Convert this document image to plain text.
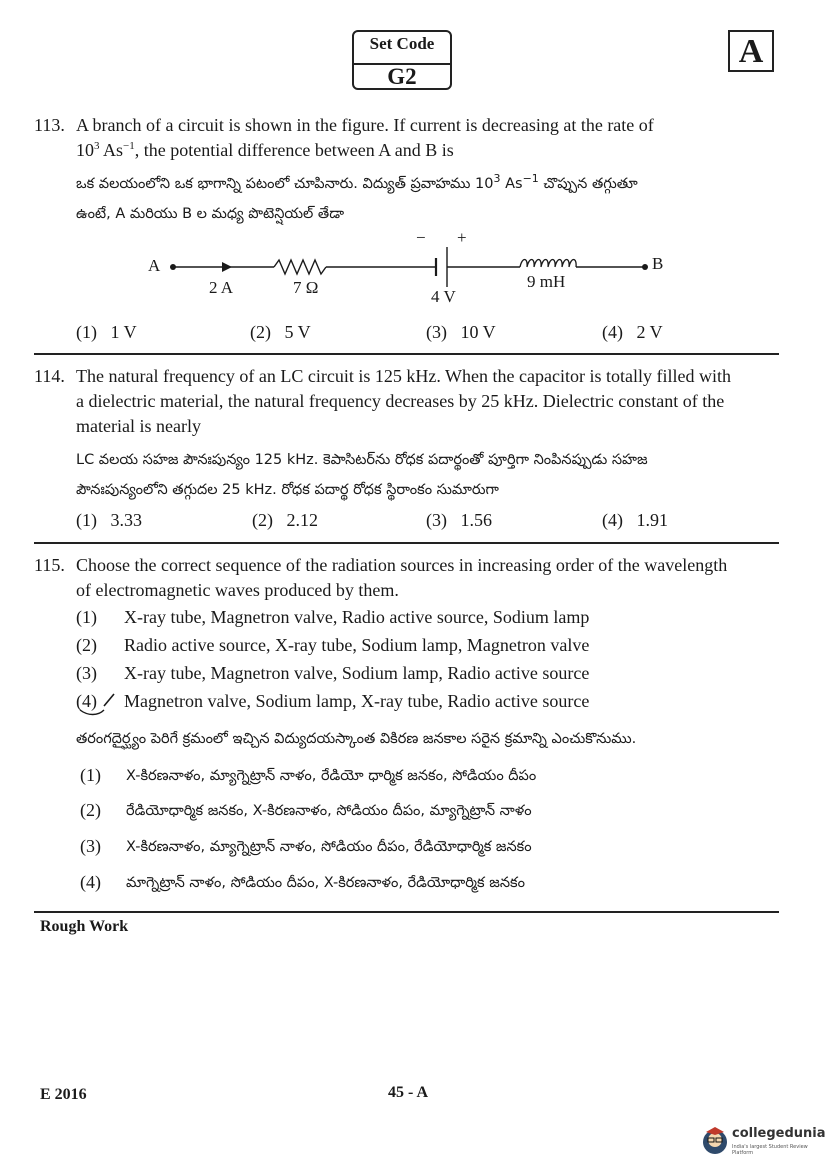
Set Code
G2
A
113. A branch of a circuit is shown in the figure. If current is decreasing at the rate of
$10^3$ $As^{-1}$, the potential difference between A and B is
ఒక వలయంలోని ఒక భాగాన్ని పటంలో చూపినారు. విద్యుత్ ప్రవాహము $10^3$ $As^{-1}$ చొప్పున తగ్గుతూ
ఉంటే, A మరియు B ల మధ్య పొటెన్షియల్ తేడా
A	B
2 A	7 Ω	4 V
9 mH
− +
(1)   1 V	(2)   5 V	(3)   10 V	(4)   2 V
114. The natural frequency of an LC circuit is 125 kHz. When the capacitor is totally filled with
a dielectric material, the natural frequency decreases by 25 kHz. Dielectric constant of the
material is nearly
LC వలయ సహజ పౌనఃపున్యం 125 kHz. కెపాసిటర్‌ను రోధక పదార్థంతో పూర్తిగా నింపినప్పుడు సహజ
పౌనఃపున్యంలోని తగ్గుదల 25 kHz. రోధక పదార్థ రోధక స్థిరాంకం సుమారుగా
(1)   3.33	(2)   2.12	(3)   1.56	(4)   1.91
115. Choose the correct sequence of the radiation sources in increasing order of the wavelength
of electromagnetic waves produced by them.
(1) X-ray tube, Magnetron valve, Radio active source, Sodium lamp
(2) Radio active source, X-ray tube, Sodium lamp, Magnetron valve
(3) X-ray tube, Magnetron valve, Sodium lamp, Radio active source
(4) Magnetron valve, Sodium lamp, X-ray tube, Radio active source
తరంగదైర్ఘ్యం పెరిగే క్రమంలో ఇచ్చిన విద్యుదయస్కాంత వికిరణ జనకాల సరైన క్రమాన్ని ఎంచుకొనుము.
(1) X-కిరణనాళం, మ్యాగ్నెట్రాన్ నాళం, రేడియో ధార్మిక జనకం, సోడియం దీపం
(2) రేడియోధార్మిక జనకం, X-కిరణనాళం, సోడియం దీపం, మ్యాగ్నెట్రాన్ నాళం
(3) X-కిరణనాళం, మ్యాగ్నెట్రాన్ నాళం, సోడియం దీపం, రేడియోధార్మిక జనకం
(4) మాగ్నెట్రాన్ నాళం, సోడియం దీపం, X-కిరణనాళం, రేడియోధార్మిక జనకం
Rough Work
E 2016	45 - A
collegedunia
India's largest Student Review Platform
